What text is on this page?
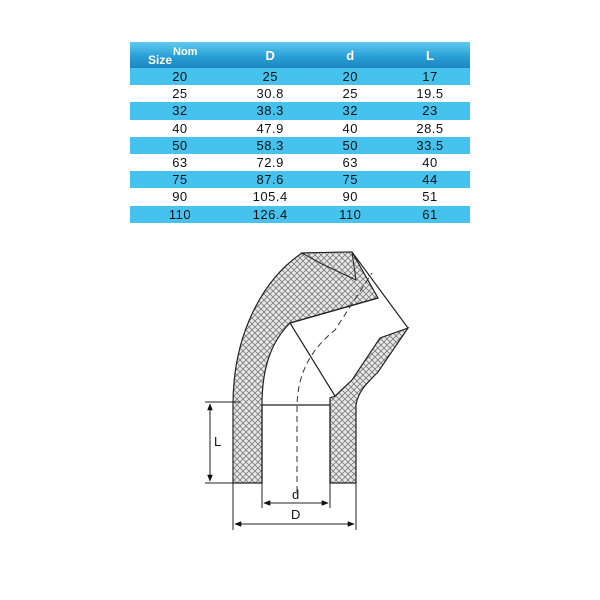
Size$^{Nom}$	D	d	L
20	25	20	17
25	30.8	25	19.5
32	38.3	32	23
40	47.9	40	28.5
50	58.3	50	33.5
63	72.9	63	40
75	87.6	75	44
90	105.4	90	51
110	126.4	110	61
L
d
D
